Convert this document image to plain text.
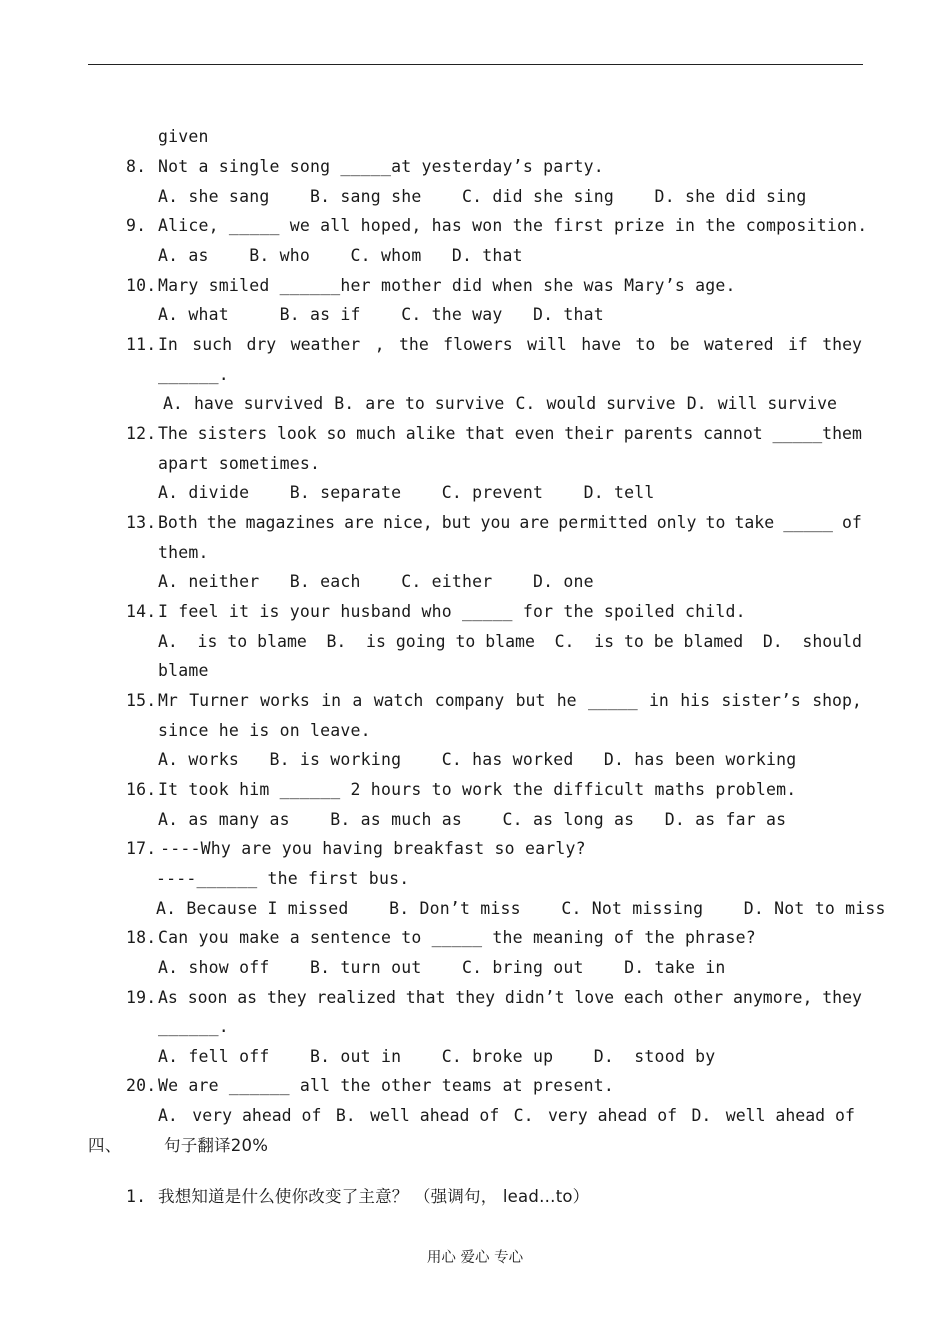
given
8. Not a single song _____at yesterday’s party.
A. she sang    B. sang she    C. did she sing    D. she did sing
9. Alice, _____ we all hoped, has won the first prize in the composition.
A. as    B. who    C. whom   D. that
10. Mary smiled ______her mother did when she was Mary’s age.
A. what     B. as if    C. the way   D. that
11. In such dry weather , the flowers will have to be watered if they
______.
A. have survived B. are to survive C. would survive D. will survive
12. The sisters look so much alike that even their parents cannot _____them
apart sometimes.
A. divide    B. separate    C. prevent    D. tell
13. Both the magazines are nice, but you are permitted only to take _____ of
them.
A. neither   B. each    C. either    D. one
14. I feel it is your husband who _____ for the spoiled child.
A. is to blame B. is going to blame C. is to be blamed D. should
blame
15. Mr Turner works in a watch company but he _____ in his sister’s shop,
since he is on leave.
A. works   B. is working    C. has worked   D. has been working
16. It took him ______ 2 hours to work the difficult maths problem.
A. as many as    B. as much as    C. as long as   D. as far as
17.
----Why are you having breakfast so early?
----______ the first bus.
A. Because I missed    B. Don’t miss    C. Not missing    D. Not to miss
18. Can you make a sentence to _____ the meaning of the phrase?
A. show off    B. turn out    C. bring out    D. take in
19. As soon as they realized that they didn’t love each other anymore, they
______.
A. fell off    B. out in    C. broke up    D.  stood by
20. We are ______ all the other teams at present.
A. very ahead of B. well ahead of C. very ahead of D. well ahead of
四、	句子翻译20%
1. 我想知道是什么使你改变了主意？ （强调句， lead…to）
用心 爱心 专心
